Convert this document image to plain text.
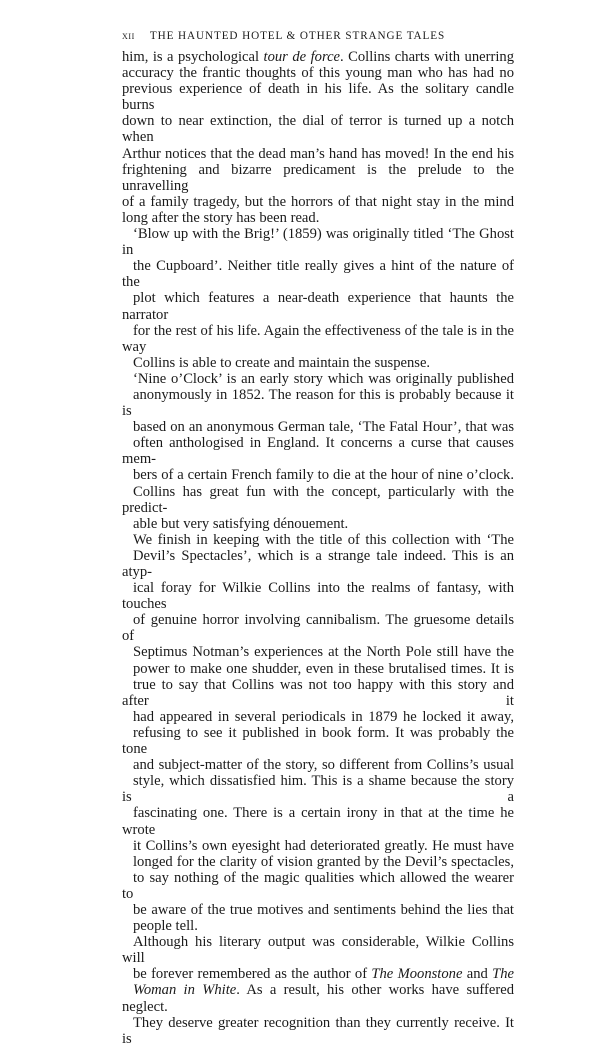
xii THE HAUNTED HOTEL & OTHER STRANGE TALES

him, is a psychological tour de force. Collins charts with unerring
accuracy the frantic thoughts of this young man who has had no
previous experience of death in his life. As the solitary candle burns
down to near extinction, the dial of terror is turned up a notch when
Arthur notices that the dead man’s hand has moved! In the end his
frightening and bizarre predicament is the prelude to the unravelling
of a family tragedy, but the horrors of that night stay in the mind
long after the story has been read.

‘Blow up with the Brig!’ (1859) was originally titled ‘The Ghost in
the Cupboard’. Neither title really gives a hint of the nature of the
plot which features a near-death experience that haunts the narrator
for the rest of his life. Again the effectiveness of the tale is in the way
Collins is able to create and maintain the suspense.

‘Nine o’Clock’ is an early story which was originally published
anonymously in 1852. The reason for this is probably because it is
based on an anonymous German tale, ‘The Fatal Hour’, that was
often anthologised in England. It concerns a curse that causes mem-
bers of a certain French family to die at the hour of nine o’clock.
Collins has great fun with the concept, particularly with the predict-
able but very satisfying dénouement.

We finish in keeping with the title of this collection with ‘The
Devil’s Spectacles’, which is a strange tale indeed. This is an atyp-
ical foray for Wilkie Collins into the realms of fantasy, with touches
of genuine horror involving cannibalism. The gruesome details of
Septimus Notman’s experiences at the North Pole still have the
power to make one shudder, even in these brutalised times. It is
true to say that Collins was not too happy with this story and after it
had appeared in several periodicals in 1879 he locked it away,
refusing to see it published in book form. It was probably the tone
and subject-matter of the story, so different from Collins’s usual
style, which dissatisfied him. This is a shame because the story is a
fascinating one. There is a certain irony in that at the time he wrote
it Collins’s own eyesight had deteriorated greatly. He must have
longed for the clarity of vision granted by the Devil’s spectacles,
to say nothing of the magic qualities which allowed the wearer to
be aware of the true motives and sentiments behind the lies that
people tell.

Although his literary output was considerable, Wilkie Collins will
be forever remembered as the author of The Moonstone and The
Woman in White. As a result, his other works have suffered neglect.
They deserve greater recognition than they currently receive. It is
